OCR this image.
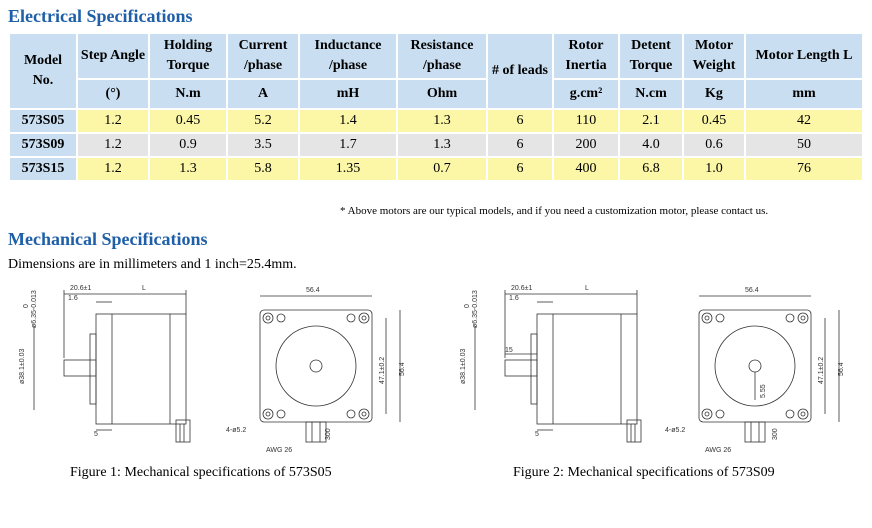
Electrical Specifications
Model No.	Step Angle	Holding Torque	Current /phase	Inductance /phase	Resistance /phase	# of leads	Rotor Inertia	Detent Torque	Motor Weight	Motor Length L
	(°)	N.m	A	mH	Ohm		g.cm²	N.cm	Kg	mm
573S05	1.2	0.45	5.2	1.4	1.3	6	110	2.1	0.45	42
573S09	1.2	0.9	3.5	1.7	1.3	6	200	4.0	0.6	50
573S15	1.2	1.3	5.8	1.35	0.7	6	400	6.8	1.0	76
* Above motors are our typical models, and if you need a customization motor, please contact us.
Mechanical Specifications
Dimensions are in millimeters and 1 inch=25.4mm.
20.6±1	L
1.6
5
56.4
4-ø5.2
AWG 26
300
ø6.35-0.013
0
ø38.1±0.03	47.1±0.2 56.4
20.6±1	L
1.6
15
5
56.4
5.55
4-ø5.2
AWG 26
300
ø6.35-0.013
0
ø38.1±0.03	47.1±0.2 56.4
Figure 1: Mechanical specifications of 573S05	Figure 2: Mechanical specifications of 573S09
